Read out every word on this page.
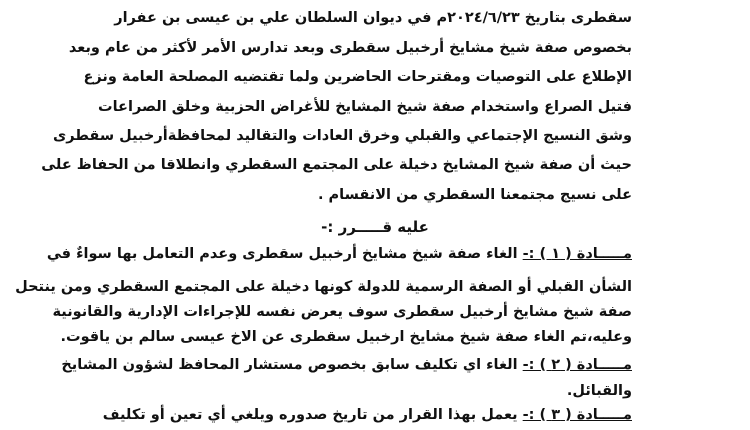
سقطرى بتاريخ ٢٠٢٤/٦/٢٣م في ديوان السلطان علي بن عيسى بن عفرار
بخصوص صفة شيخ مشايخ أرخبيل سقطرى وبعد تدارس الأمر لأكثر من عام وبعد
الإطلاع على التوصيات ومقترحات الحاضرين ولما تقتضيه المصلحة العامة ونزع
فتيل الصراع واستخدام صفة شيخ المشايخ للأغراض الحزبية وخلق الصراعات
وشق النسيج الإجتماعي والقبلي وخرق العادات والتقاليد لمحافظةأرخبيل سقطرى
حيث أن صفة شيخ المشايخ دخيلة على المجتمع السقطري وانطلاقا من الحفاظ على
على نسيج مجتمعنا السقطري من الانقسام .
عليه قـــــرر :-
مـــــادة ( ١ ) :- الغاء صفة شيخ مشايخ أرخبيل سقطرى وعدم التعامل بها سواءٌ في
الشأن القبلي أو الصفة الرسمية للدولة كونها دخيلة على المجتمع السقطري ومن ينتحل
صفة شيخ مشايخ أرخبيل سقطرى سوف يعرض نفسه للإجراءات الإدارية والقانونية
وعليه،تم الغاء صفة شيخ مشايخ ارخبيل سقطرى عن الاخ عيسى سالم بن ياقوت.
مـــــادة ( ٢ ) :- الغاء اي تكليف سابق بخصوص مستشار المحافظ لشؤون المشايخ
والقبائل.
مـــــادة ( ٣ ) :- يعمل بهذا القرار من تاريخ صدوره ويلغي أي تعين أو تكليف
